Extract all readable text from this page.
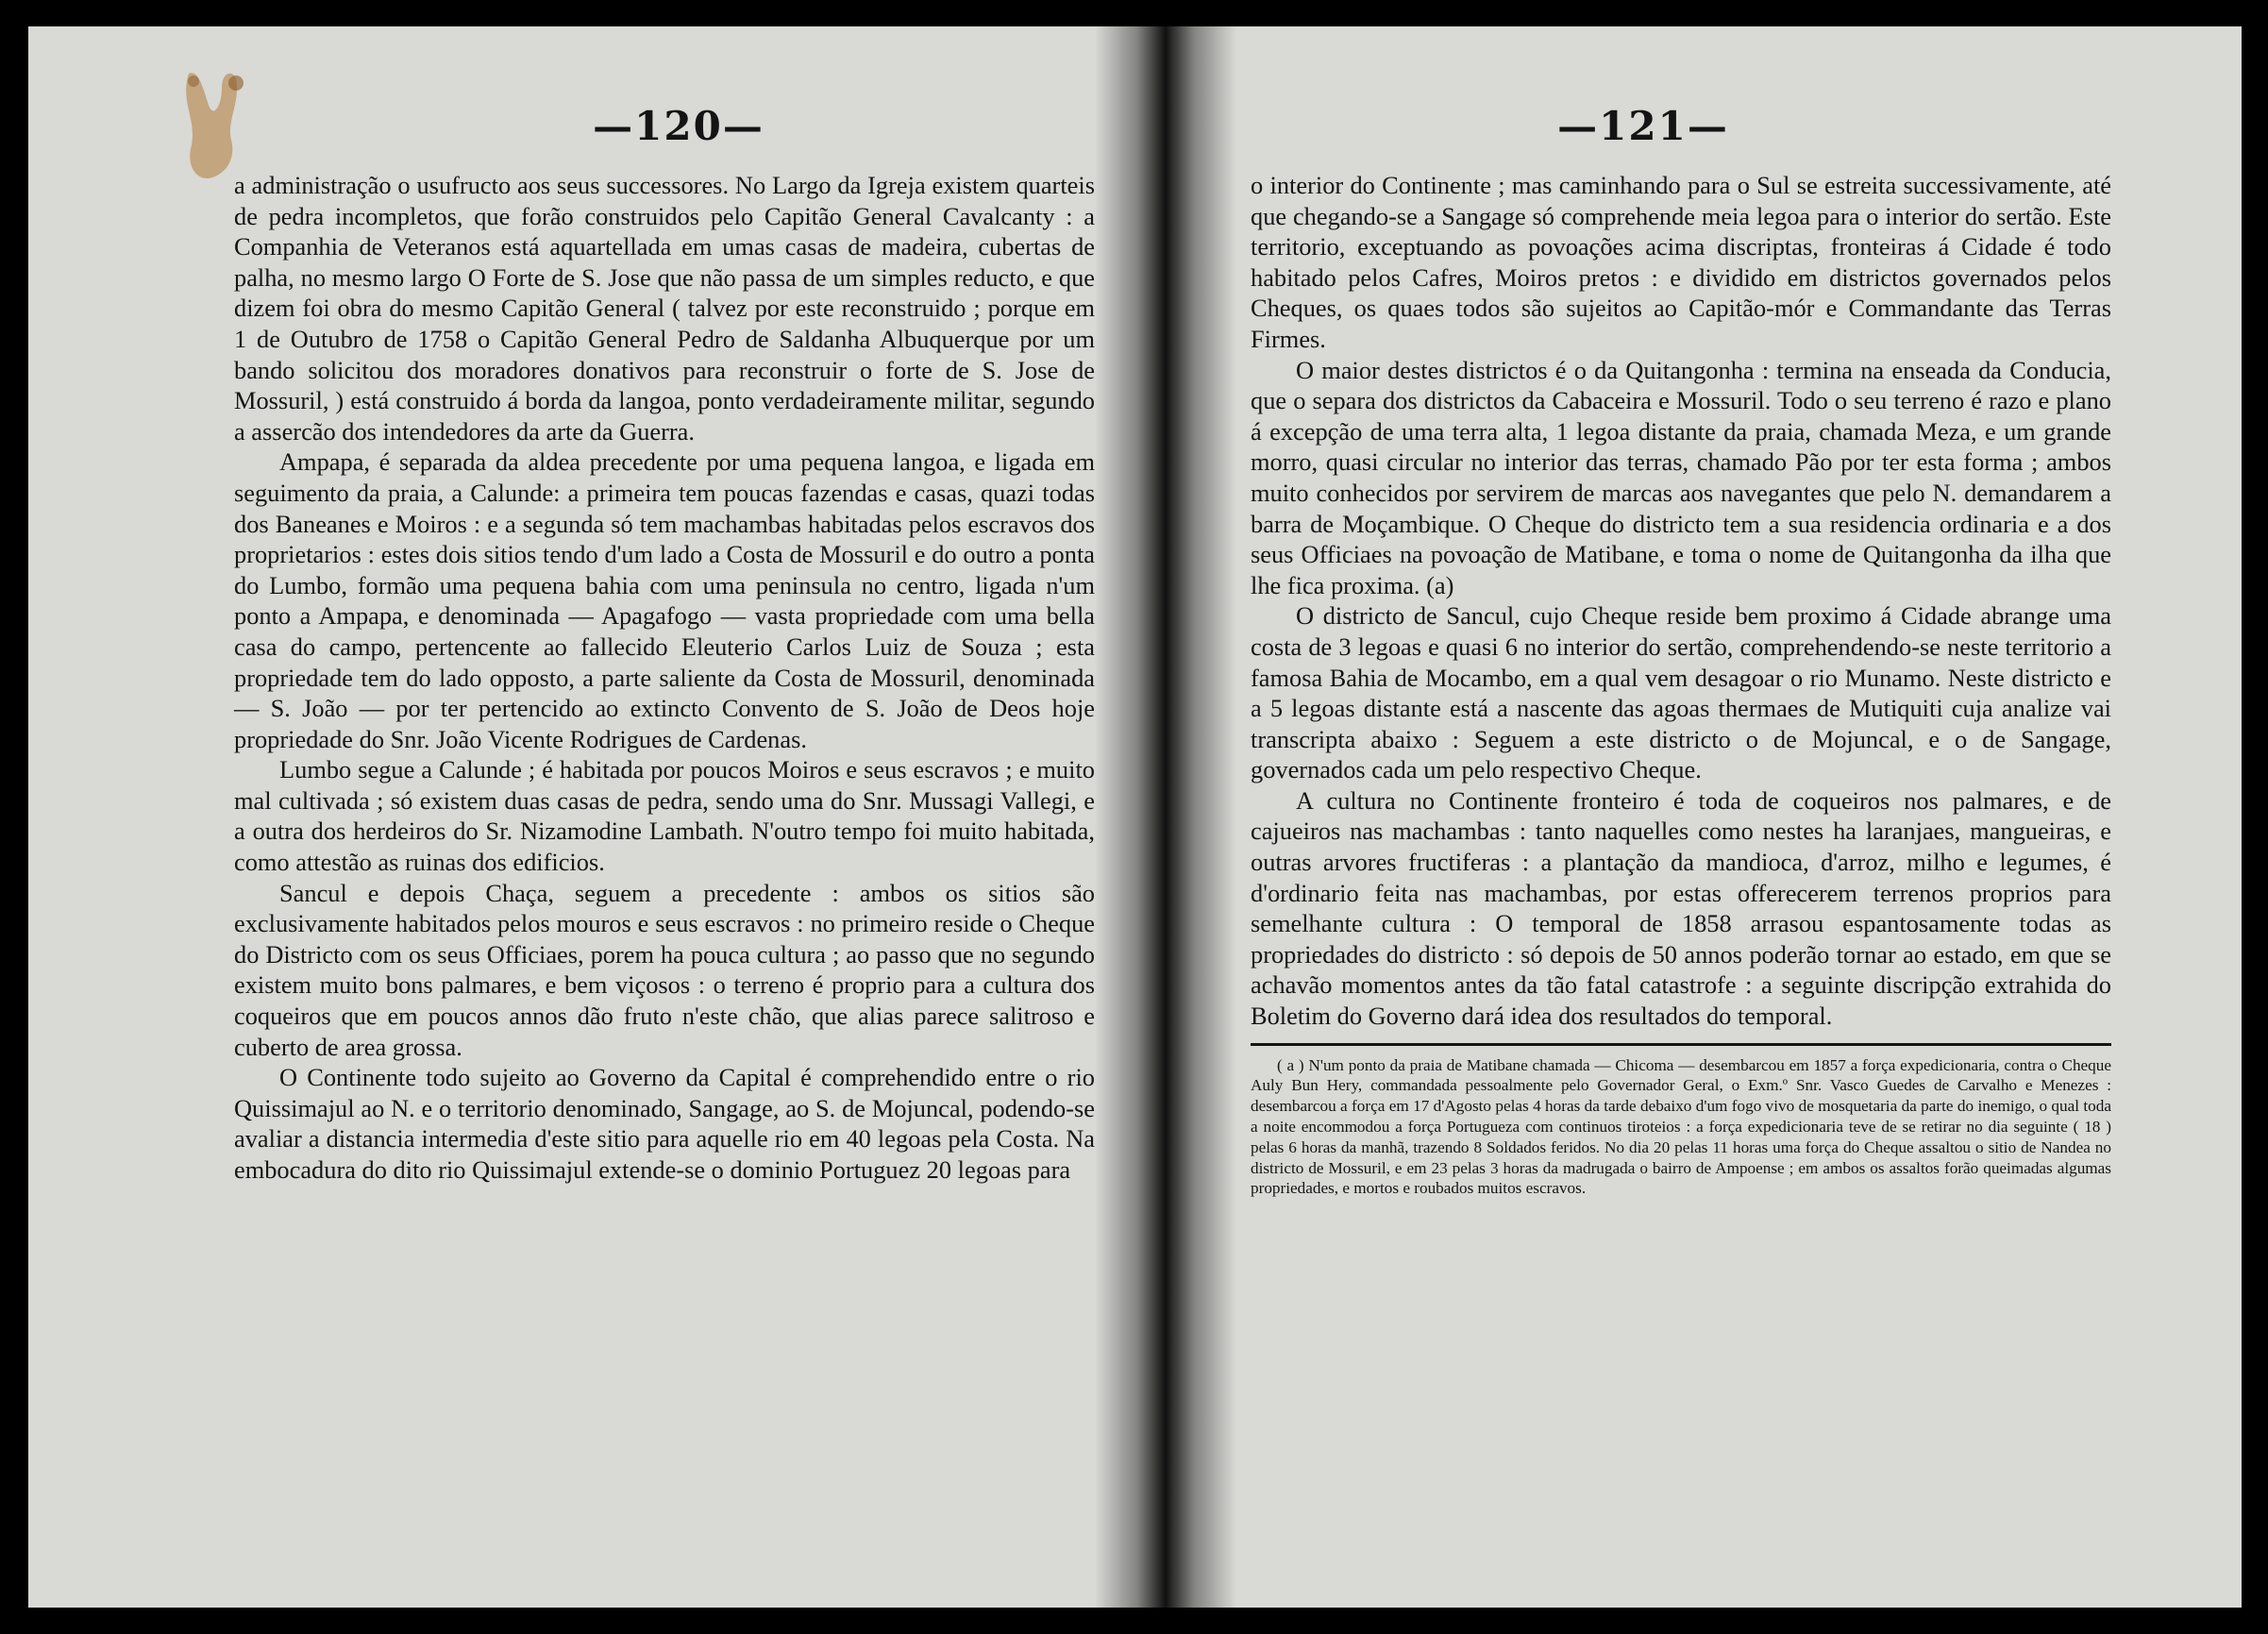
—120—

a administração o usufructo aos seus successores. No Largo da Igreja existem quarteis de pedra incompletos, que forão construidos pelo Capitão General Cavalcanty : a Companhia de Veteranos está aquartellada em umas casas de madeira, cubertas de palha, no mesmo largo O Forte de S. Jose que não passa de um simples reducto, e que dizem foi obra do mesmo Capitão General ( talvez por este reconstruido ; porque em 1 de Outubro de 1758 o Capitão General Pedro de Saldanha Albuquerque por um bando solicitou dos moradores donativos para reconstruir o forte de S. Jose de Mossuril, ) está construido á borda da langoa, ponto verdadeiramente militar, segundo a assercão dos intendedores da arte da Guerra.

Ampapa, é separada da aldea precedente por uma pequena langoa, e ligada em seguimento da praia, a Calunde: a primeira tem poucas fazendas e casas, quazi todas dos Baneanes e Moiros : e a segunda só tem machambas habitadas pelos escravos dos proprietarios : estes dois sitios tendo d'um lado a Costa de Mossuril e do outro a ponta do Lumbo, formão uma pequena bahia com uma peninsula no centro, ligada n'um ponto a Ampapa, e denominada — Apagafogo — vasta propriedade com uma bella casa do campo, pertencente ao fallecido Eleuterio Carlos Luiz de Souza ; esta propriedade tem do lado opposto, a parte saliente da Costa de Mossuril, denominada — S. João — por ter pertencido ao extincto Convento de S. João de Deos hoje propriedade do Snr. João Vicente Rodrigues de Cardenas.

Lumbo segue a Calunde ; é habitada por poucos Moiros e seus escravos ; e muito mal cultivada ; só existem duas casas de pedra, sendo uma do Snr. Mussagi Vallegi, e a outra dos herdeiros do Sr. Nizamodine Lambath. N'outro tempo foi muito habitada, como attestão as ruinas dos edificios.

Sancul e depois Chaça, seguem a precedente : ambos os sitios são exclusivamente habitados pelos mouros e seus escravos : no primeiro reside o Cheque do Districto com os seus Officiaes, porem ha pouca cultura ; ao passo que no segundo existem muito bons palmares, e bem viçosos : o terreno é proprio para a cultura dos coqueiros que em poucos annos dão fruto n'este chão, que alias parece salitroso e cuberto de area grossa.

O Continente todo sujeito ao Governo da Capital é comprehendido entre o rio Quissimajul ao N. e o territorio denominado, Sangage, ao S. de Mojuncal, podendo-se avaliar a distancia intermedia d'este sitio para aquelle rio em 40 legoas pela Costa. Na embocadura do dito rio Quissimajul extende-se o dominio Portuguez 20 legoas para

—121—

o interior do Continente ; mas caminhando para o Sul se estreita successivamente, até que chegando-se a Sangage só comprehende meia legoa para o interior do sertão. Este territorio, exceptuando as povoações acima discriptas, fronteiras á Cidade é todo habitado pelos Cafres, Moiros pretos : e dividido em districtos governados pelos Cheques, os quaes todos são sujeitos ao Capitão-mór e Commandante das Terras Firmes.

O maior destes districtos é o da Quitangonha : termina na enseada da Conducia, que o separa dos districtos da Cabaceira e Mossuril. Todo o seu terreno é razo e plano á excepção de uma terra alta, 1 legoa distante da praia, chamada Meza, e um grande morro, quasi circular no interior das terras, chamado Pão por ter esta forma ; ambos muito conhecidos por servirem de marcas aos navegantes que pelo N. demandarem a barra de Moçambique. O Cheque do districto tem a sua residencia ordinaria e a dos seus Officiaes na povoação de Matibane, e toma o nome de Quitangonha da ilha que lhe fica proxima. (a)

O districto de Sancul, cujo Cheque reside bem proximo á Cidade abrange uma costa de 3 legoas e quasi 6 no interior do sertão, comprehendendo-se neste territorio a famosa Bahia de Mocambo, em a qual vem desagoar o rio Munamo. Neste districto e a 5 legoas distante está a nascente das agoas thermaes de Mutiquiti cuja analize vai transcripta abaixo : Seguem a este districto o de Mojuncal, e o de Sangage, governados cada um pelo respectivo Cheque.

A cultura no Continente fronteiro é toda de coqueiros nos palmares, e de cajueiros nas machambas : tanto naquelles como nestes ha laranjaes, mangueiras, e outras arvores fructiferas : a plantação da mandioca, d'arroz, milho e legumes, é d'ordinario feita nas machambas, por estas offerecerem terrenos proprios para semelhante cultura : O temporal de 1858 arrasou espantosamente todas as propriedades do districto : só depois de 50 annos poderão tornar ao estado, em que se achavão momentos antes da tão fatal catastrofe : a seguinte discripção extrahida do Boletim do Governo dará idea dos resultados do temporal.

( a ) N'um ponto da praia de Matibane chamada — Chicoma — desembarcou em 1857 a força expedicionaria, contra o Cheque Auly Bun Hery, commandada pessoalmente pelo Governador Geral, o Exm.º Snr. Vasco Guedes de Carvalho e Menezes : desembarcou a força em 17 d'Agosto pelas 4 horas da tarde debaixo d'um fogo vivo de mosquetaria da parte do inemigo, o qual toda a noite encommodou a força Portugueza com continuos tiroteios : a força expedicionaria teve de se retirar no dia seguinte ( 18 ) pelas 6 horas da manhã, trazendo 8 Soldados feridos. No dia 20 pelas 11 horas uma força do Cheque assaltou o sitio de Nandea no districto de Mossuril, e em 23 pelas 3 horas da madrugada o bairro de Ampoense ; em ambos os assaltos forão queimadas algumas propriedades, e mortos e roubados muitos escravos.
